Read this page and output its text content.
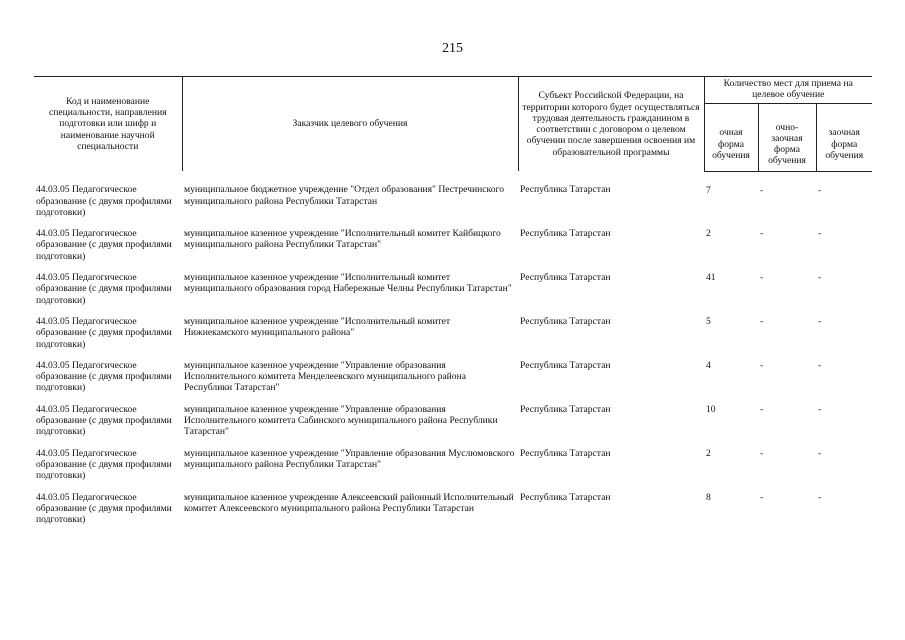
215
Код и наименование специальности, направления подготовки или шифр и наименование научной специальности	Заказчик целевого обучения	Субъект Российской Федерации, на территории которого будет осуществляться трудовая деятельность гражданином в соответствии с договором о целевом обучении после завершения освоения им образовательной программы	Количество мест для приема на целевое обучение		
			очная форма обучения	очно-заочная форма обучения	заочная форма обучения
44.03.05 Педагогическое образование (с двумя профилями подготовки)	муниципальное бюджетное учреждение "Отдел образования" Пестречинского муниципального района Республики Татарстан	Республика Татарстан	7	-	-
44.03.05 Педагогическое образование (с двумя профилями подготовки)	муниципальное казенное учреждение "Исполнительный комитет Кайбицкого муниципального района Республики Татарстан"	Республика Татарстан	2	-	-
44.03.05 Педагогическое образование (с двумя профилями подготовки)	муниципальное казенное учреждение "Исполнительный комитет муниципального образования город Набережные Челны Республики Татарстан"	Республика Татарстан	41	-	-
44.03.05 Педагогическое образование (с двумя профилями подготовки)	муниципальное казенное учреждение "Исполнительный комитет Нижнекамского муниципального района"	Республика Татарстан	5	-	-
44.03.05 Педагогическое образование (с двумя профилями подготовки)	муниципальное казенное учреждение "Управление образования Исполнительного комитета Менделеевского муниципального района Республики Татарстан"	Республика Татарстан	4	-	-
44.03.05 Педагогическое образование (с двумя профилями подготовки)	муниципальное казенное учреждение "Управление образования Исполнительного комитета Сабинского муниципального района Республики Татарстан"	Республика Татарстан	10	-	-
44.03.05 Педагогическое образование (с двумя профилями подготовки)	муниципальное казенное учреждение "Управление образования Муслюмовского муниципального района Республики Татарстан"	Республика Татарстан	2	-	-
44.03.05 Педагогическое образование (с двумя профилями подготовки)	муниципальное казенное учреждение Алексеевский районный Исполнительный комитет Алексеевского муниципального района Республики Татарстан	Республика Татарстан	8	-	-
